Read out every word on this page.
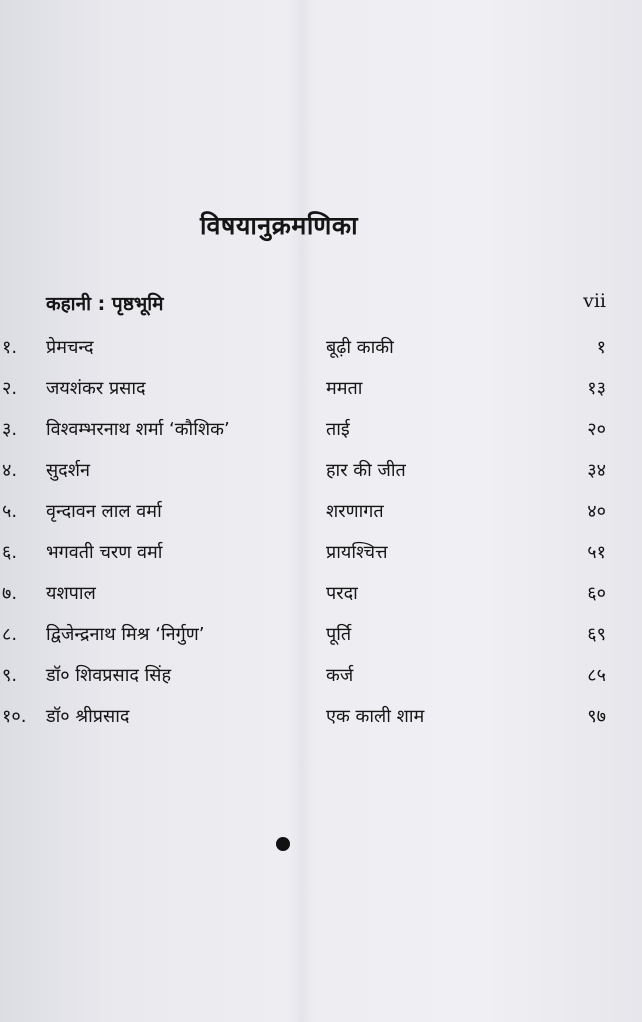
विषयानुक्रमणिका
कहानी : पृष्ठभूमि	vii
१. प्रेमचन्द	बूढ़ी काकी	१
२. जयशंकर प्रसाद	ममता	१३
३. विश्वम्भरनाथ शर्मा ‘कौशिक’	ताई	२०
४. सुदर्शन	हार की जीत	३४
५. वृन्दावन लाल वर्मा	शरणागत	४०
६. भगवती चरण वर्मा	प्रायश्चित्त	५१
७. यशपाल	परदा	६०
८. द्विजेन्द्रनाथ मिश्र ‘निर्गुण’	पूर्ति	६९
९. डॉ० शिवप्रसाद सिंह	कर्ज	८५
१०. डॉ० श्रीप्रसाद	एक काली शाम	९७
